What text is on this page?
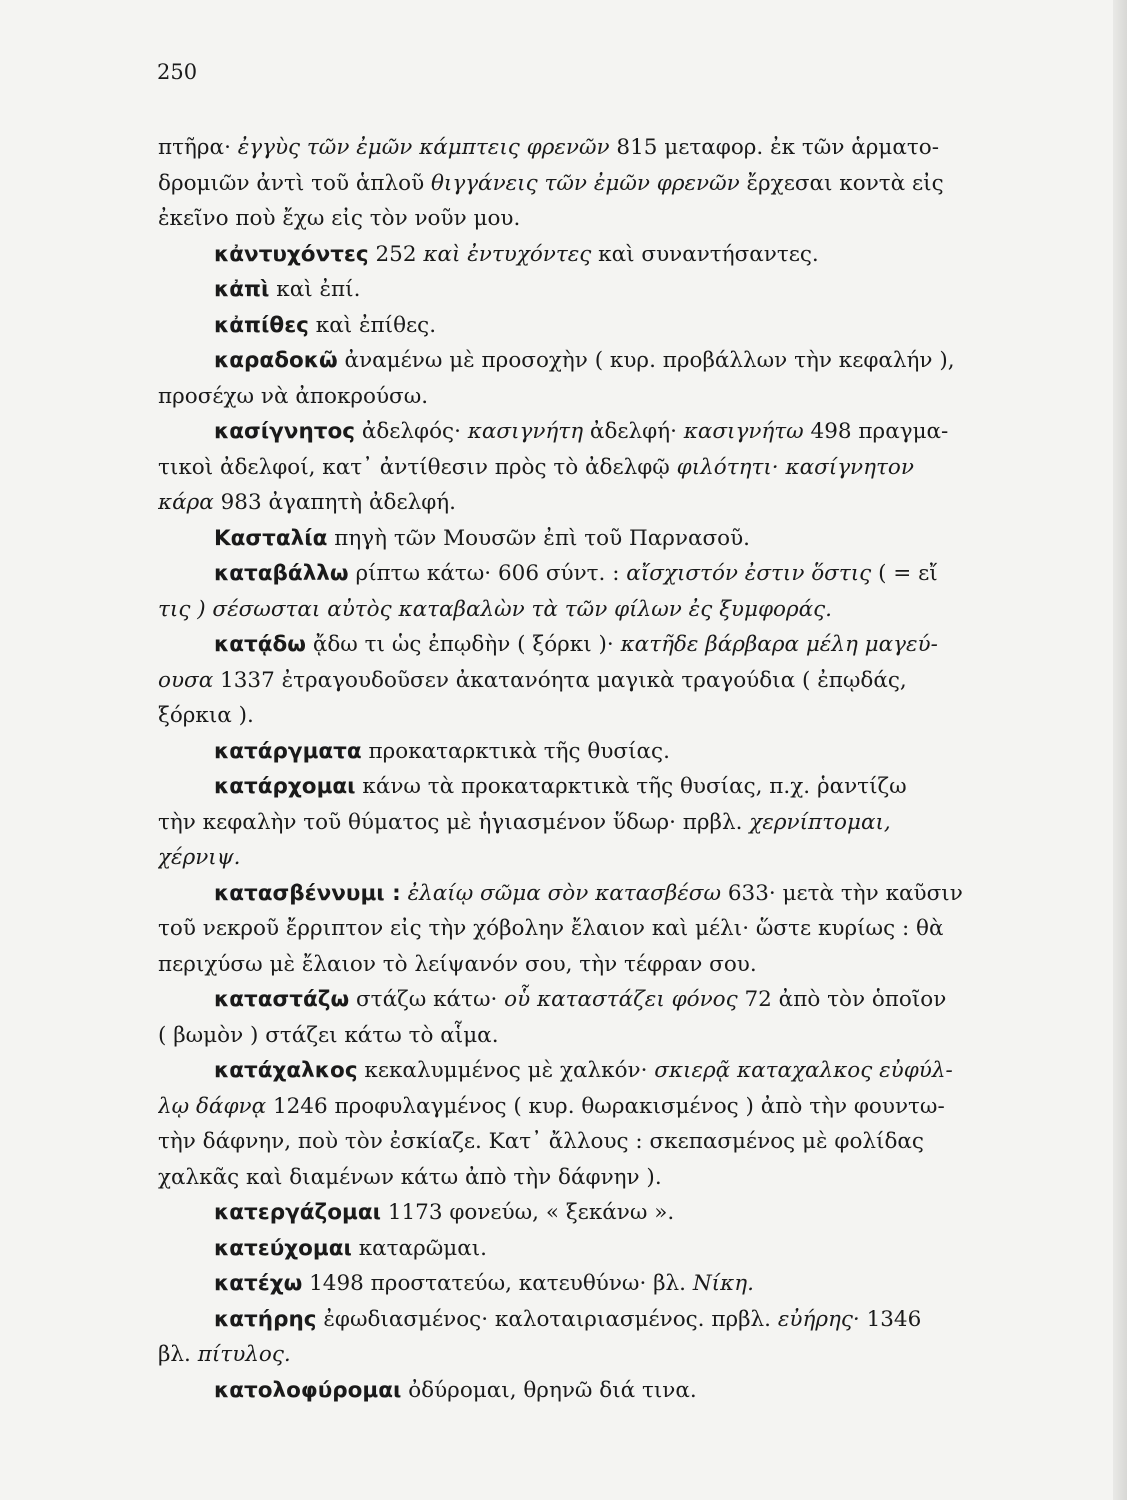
250
πτῆρα· ἐγγὺς τῶν ἐμῶν κάμπτεις φρενῶν 815 μεταφορ. ἐκ τῶν ἁρματο-
δρομιῶν ἀντὶ τοῦ ἁπλοῦ θιγγάνεις τῶν ἐμῶν φρενῶν ἔρχεσαι κοντὰ εἰς
ἐκεῖνο ποὺ ἔχω εἰς τὸν νοῦν μου.
κἀντυχόντες 252 καὶ ἐντυχόντες καὶ συναντήσαντες.
κἀπὶ καὶ ἐπί.
κἀπίθες καὶ ἐπίθες.
καραδοκῶ ἀναμένω μὲ προσοχὴν ( κυρ. προβάλλων τὴν κεφαλήν ),
προσέχω νὰ ἀποκρούσω.
κασίγνητος ἀδελφός· κασιγνήτη ἀδελφή· κασιγνήτω 498 πραγμα-
τικοὶ ἀδελφοί, κατ᾽ ἀντίθεσιν πρὸς τὸ ἀδελφῷ φιλότητι· κασίγνητον
κάρα 983 ἀγαπητὴ ἀδελφή.
Κασταλία πηγὴ τῶν Μουσῶν ἐπὶ τοῦ Παρνασοῦ.
καταβάλλω ρίπτω κάτω· 606 σύντ. : αἴσχιστόν ἐστιν ὅστις ( = εἴ
τις ) σέσωσται αὐτὸς καταβαλὼν τὰ τῶν φίλων ἐς ξυμφοράς.
κατᾴδω ᾄδω τι ὡς ἐπῳδὴν ( ξόρκι )· κατῆδε βάρβαρα μέλη μαγεύ-
ουσα 1337 ἐτραγουδοῦσεν ἀκατανόητα μαγικὰ τραγούδια ( ἐπῳδάς,
ξόρκια ).
κατάργματα προκαταρκτικὰ τῆς θυσίας.
κατάρχομαι κάνω τὰ προκαταρκτικὰ τῆς θυσίας, π.χ. ῥαντίζω
τὴν κεφαλὴν τοῦ θύματος μὲ ἡγιασμένον ὕδωρ· πρβλ. χερνίπτομαι,
χέρνιψ.
κατασβέννυμι : ἐλαίῳ σῶμα σὸν κατασβέσω 633· μετὰ τὴν καῦσιν
τοῦ νεκροῦ ἔρριπτον εἰς τὴν χόβολην ἔλαιον καὶ μέλι· ὥστε κυρίως : θὰ
περιχύσω μὲ ἔλαιον τὸ λείψανόν σου, τὴν τέφραν σου.
καταστάζω στάζω κάτω· οὗ καταστάζει φόνος 72 ἀπὸ τὸν ὁποῖον
( βωμὸν ) στάζει κάτω τὸ αἷμα.
κατάχαλκος κεκαλυμμένος μὲ χαλκόν· σκιερᾷ καταχαλκος εὐφύλ-
λῳ δάφνᾳ 1246 προφυλαγμένος ( κυρ. θωρακισμένος ) ἀπὸ τὴν φουντω-
τὴν δάφνην, ποὺ τὸν ἐσκίαζε. Κατ᾽ ἄλλους : σκεπασμένος μὲ φολίδας
χαλκᾶς καὶ διαμένων κάτω ἀπὸ τὴν δάφνην ).
κατεργάζομαι 1173 φονεύω, « ξεκάνω ».
κατεύχομαι καταρῶμαι.
κατέχω 1498 προστατεύω, κατευθύνω· βλ. Νίκη.
κατήρης ἐφωδιασμένος· καλοταιριασμένος. πρβλ. εὐήρης· 1346
βλ. πίτυλος.
κατολοφύρομαι ὀδύρομαι, θρηνῶ διά τινα.
